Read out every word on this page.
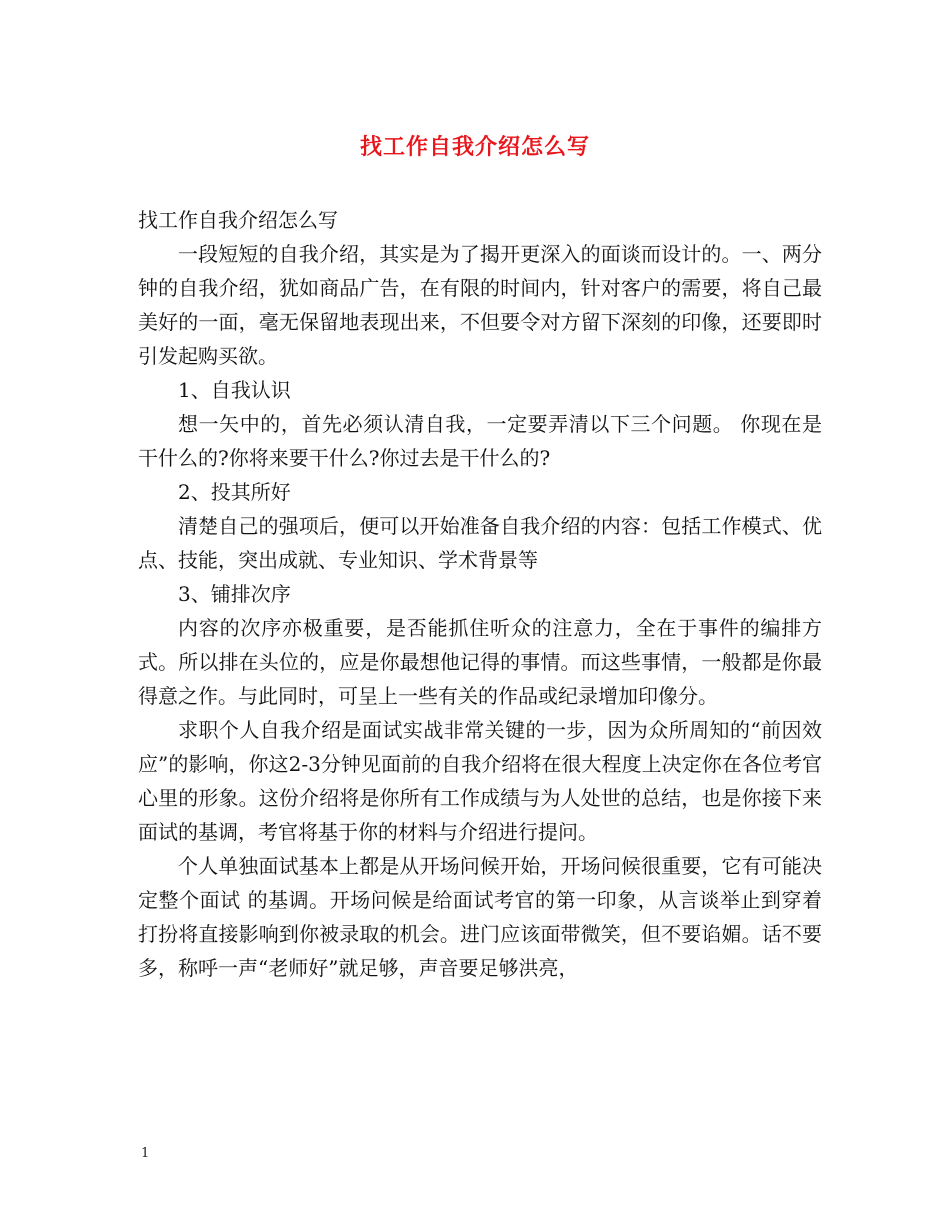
找工作自我介绍怎么写

找工作自我介绍怎么写

一段短短的自我介绍，其实是为了揭开更深入的面谈而设计的。一、两分钟的自我介绍，犹如商品广告，在有限的时间内，针对客户的需要，将自己最美好的一面，毫无保留地表现出来，不但要令对方留下深刻的印像，还要即时引发起购买欲。

1、自我认识

想一矢中的，首先必须认清自我，一定要弄清以下三个问题。 你现在是干什么的?你将来要干什么?你过去是干什么的?

2、投其所好

清楚自己的强项后，便可以开始准备自我介绍的内容：包括工作模式、优点、技能，突出成就、专业知识、学术背景等

3、铺排次序

内容的次序亦极重要，是否能抓住听众的注意力，全在于事件的编排方式。所以排在头位的，应是你最想他记得的事情。而这些事情，一般都是你最得意之作。与此同时，可呈上一些有关的作品或纪录增加印像分。

求职个人自我介绍是面试实战非常关键的一步，因为众所周知的“前因效应”的影响，你这2-3分钟见面前的自我介绍将在很大程度上决定你在各位考官心里的形象。这份介绍将是你所有工作成绩与为人处世的总结，也是你接下来面试的基调，考官将基于你的材料与介绍进行提问。

个人单独面试基本上都是从开场问候开始，开场问候很重要，它有可能决定整个面试 的基调。开场问候是给面试考官的第一印象，从言谈举止到穿着打扮将直接影响到你被录取的机会。进门应该面带微笑，但不要谄媚。话不要多，称呼一声“老师好”就足够，声音要足够洪亮，

1
